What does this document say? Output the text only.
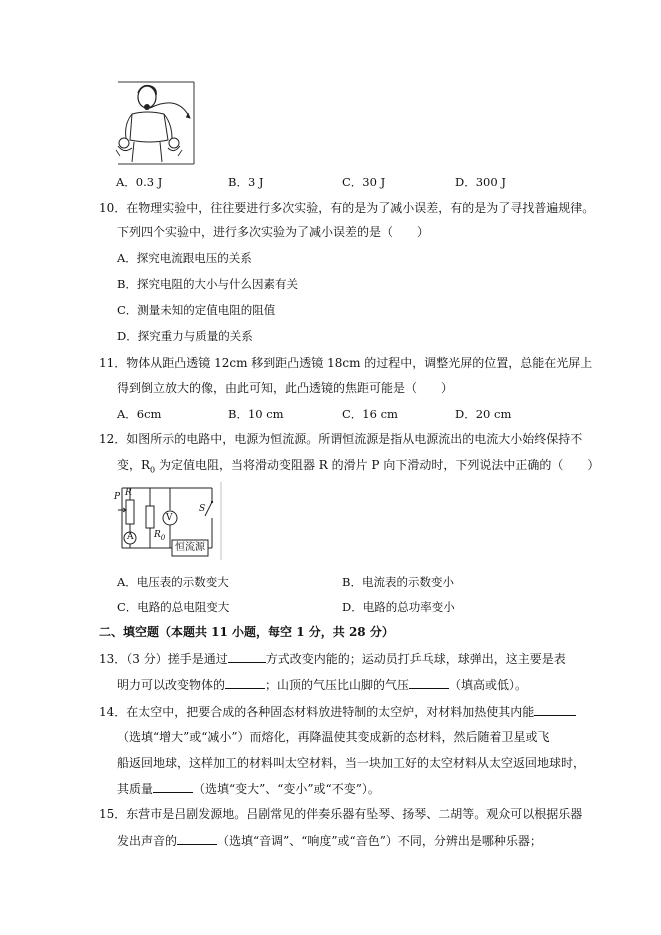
A．0.3 J	B．3 J	C．30 J	D．300 J
10．在物理实验中，往往要进行多次实验，有的是为了减小误差，有的是为了寻找普遍规律。
下列四个实验中，进行多次实验为了减小误差的是（　　）
A．探究电流跟电压的关系
B．探究电阻的大小与什么因素有关
C．测量未知的定值电阻的阻值
D．探究重力与质量的关系
11．物体从距凸透镜 12cm 移到距凸透镜 18cm 的过程中，调整光屏的位置，总能在光屏上
得到倒立放大的像，由此可知，此凸透镜的焦距可能是（　　）
A．6cm	B．10 cm	C．16 cm	D．20 cm
12．如图所示的电路中，电源为恒流源。所谓恒流源是指从电源流出的电流大小始终保持不
变，$R_0$ 为定值电阻，当将滑动变阻器 R 的滑片 P 向下滑动时，下列说法中正确的（　　）
P R
V
S
A $R_0$
恒流源
A．电压表的示数变大	B．电流表的示数变小
C．电路的总电阻变大	D．电路的总功率变小
二、填空题（本题共 11 小题，每空 1 分，共 28 分）
13．（3 分）搓手是通过	方式改变内能的；运动员打乒乓球，球弹出，这主要是表
明力可以改变物体的	；山顶的气压比山脚的气压	（填高或低）。
14．在太空中，把要合成的各种固态材料放进特制的太空炉，对材料加热使其内能
（选填“增大”或“减小”）而熔化，再降温使其变成新的态材料，然后随着卫星或飞
船返回地球，这样加工的材料叫太空材料，当一块加工好的太空材料从太空返回地球时，
其质量	（选填“变大”、“变小”或“不变”）。
15．东营市是吕剧发源地。吕剧常见的伴奏乐器有坠琴、扬琴、二胡等。观众可以根据乐器
发出声音的	（选填“音调”、“响度”或“音色”）不同，分辨出是哪种乐器；
